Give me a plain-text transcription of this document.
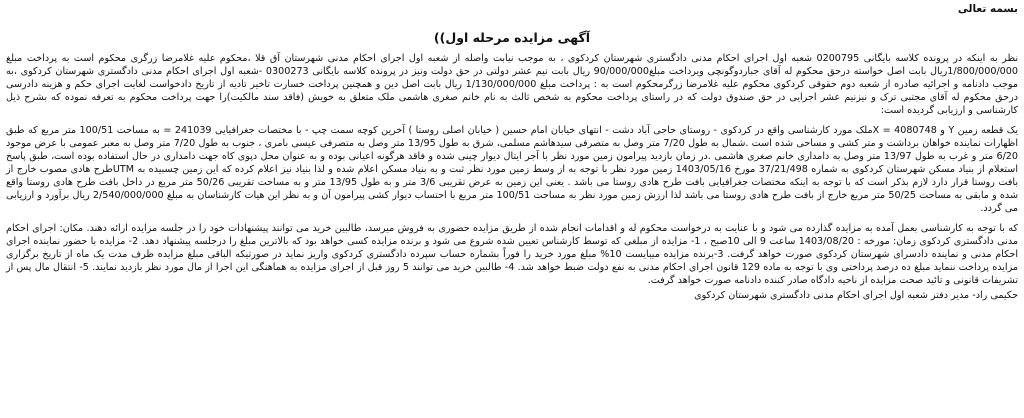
بسمه تعالی
آگهی مزایده مرحله اول))

نظر به اینکه در پرونده کلاسه بایگانی 0200795 شعبه اول اجرای احکام مدنی دادگستری شهرستان کردکوی ، به موجب نیابت واصله از شعبه اول اجرای احکام مدنی شهرستان آق قلا ،محکوم علیه غلامرضا زرگری محکوم است به پرداخت مبلغ 1/800/000/000ریال بابت اصل خواسته درحق محکوم له آقای جباردوگونچی ویرداخت مبلغ90/000/000 ریال بابت نیم عشر دولتی در حق دولت ونیز در پرونده کلاسه بایگانی 0300273 -شعبه اول اجرای احکام مدنی دادگستری شهرستان کردکوی ،به موجب دادنامه و اجرائیه صادره از شعبه دوم حقوقی کردکوی محکوم علیه غلامرضا زرگرمحکوم است به : پرداخت مبلغ 1/130/000/000 ریال بابت اصل دین و همچنین پرداخت خسارت تاخیر تادیه از تاریخ دادخواست لغایت اجرای حکم و هزینه دادرسی درحق محکوم له آقای مجتبی ترک و نیزنیم عشر اجرایی در حق صندوق دولت که در راستای پرداخت محکوم به شخص ثالث به نام خانم صغری هاشمی ملک متعلق به خویش (فاقد سند مالکیت)را جهت پرداخت محکوم به تعرفه نموده که بشرح ذیل کارشناسی و ارزیابی گردیده است:

یک قطعه زمین Y و 4080748 = Xملک مورد کارشناسی واقع در کردکوی - روستای حاجی آباد دشت - انتهای خیابان امام حسین ( خیابان اصلی روستا ) آخرین کوچه سمت چپ - با مختصات جغرافیایی 241039 = به مساحت 100/51 متر مربع که طبق اظهارات نماینده خواهان برداشت و متر کشی و مساحی شده است .شمال به طول 7/20 متر وصل به متصرفی سیدهاشم مسلمی، شرق به طول 13/95 متر وصل به متصرفی عیسی بامری ، جنوب به طول 7/20 متر وصل به معبر عمومی با عرض موجود 6/20 متر و غرب به طول 13/97 متر وصل به دامداری خانم صغری هاشمی .در زمان بازدید پیرامون زمین مورد نظر با آجر ایتال دیوار چینی شده و فاقد هرگونه اعیانی بوده و به عنوان محل دپوی کاه جهت دامداری در حال استفاده بوده است، طبق پاسخ استعلام از بنیاد مسکن شهرستان کردکوی به شماره 37/21/498 مورخ 1403/05/16 زمین مورد نظر با توجه به از وسط زمین مورد نظر ثبت و به بنیاد مسکن اعلام شده و لذا بنیاد نیز اعلام کرده که این زمین چسبیده به UTMطرح هادی مصوب خارج از بافت روستا قرار دارد لازم بذکر است که با توجه به اینکه مختصات جغرافیایی بافت طرح هادی روستا می باشد . یعنی این زمین به عرض تقریبی 3/6 متر و به طول 13/95 متر و به مساحت تقریبی 50/26 متر مربع در داخل بافت طرح هادی روستا واقع شده و مابقی به مساحت 50/25 متر مربع خارج از بافت طرح هادی روستا می باشد لذا ارزش زمین مورد نظر به مساحت 100/51 متر مربع با احتساب دیوار کشی پیرامون آن و به نظر این هیات کارشناسان به مبلغ 2/540/000/000 ریال برآورد و ارزیابی می گردد.

که با توجه به کارشناسی بعمل آمده به مزایده گذارده می شود و با عنایت به درخواست محکوم له و اقدامات انجام شده از طریق مزایده حضوری به فروش میرسد، طالبین خرید می توانند پیشنهادات خود را در جلسه مزایده ارائه دهند. مکان: اجرای احکام مدنی دادگستری کردکوی زمان: مورخه : 1403/08/20 ساعت 9 الی 10صبح ، 1- مزایده از مبلغی که توسط کارشناس تعیین شده شروع می شود و برنده مزایده کسی خواهد بود که بالاترین مبلغ را درجلسه پیشنهاد دهد. 2- مزایده با حضور نماینده اجرای احکام مدنی و نماینده دادسرای شهرستان کردکوی صورت خواهد گرفت. 3-برنده مزایده میبایست 10% مبلغ مورد خرید را فوراً بشماره حساب سپرده دادگستری کردکوی واریز نماید در صورتیکه الباقی مبلغ مزایده ظرف مدت یک ماه از تاریخ برگزاری مزایده پرداخت ننماید مبلغ ده درصد پرداختی وی با توجه به ماده 129 قانون اجرای احکام مدنی به نفع دولت ضبط خواهد شد. 4- طالبین خرید می توانند 5 روز قبل از اجرای مزایده به هماهنگی این اجرا از مال مورد نظر بازدید نمایند. 5- انتقال مال پس از تشریفات قانونی و تائید صحت مزایده از ناحیه دادگاه صادر کننده دادنامه صورت خواهد گرفت.

حکیمی راد- مدیر دفتر شعبه اول اجرای احکام مدنی دادگستری شهرستان کردکوی
